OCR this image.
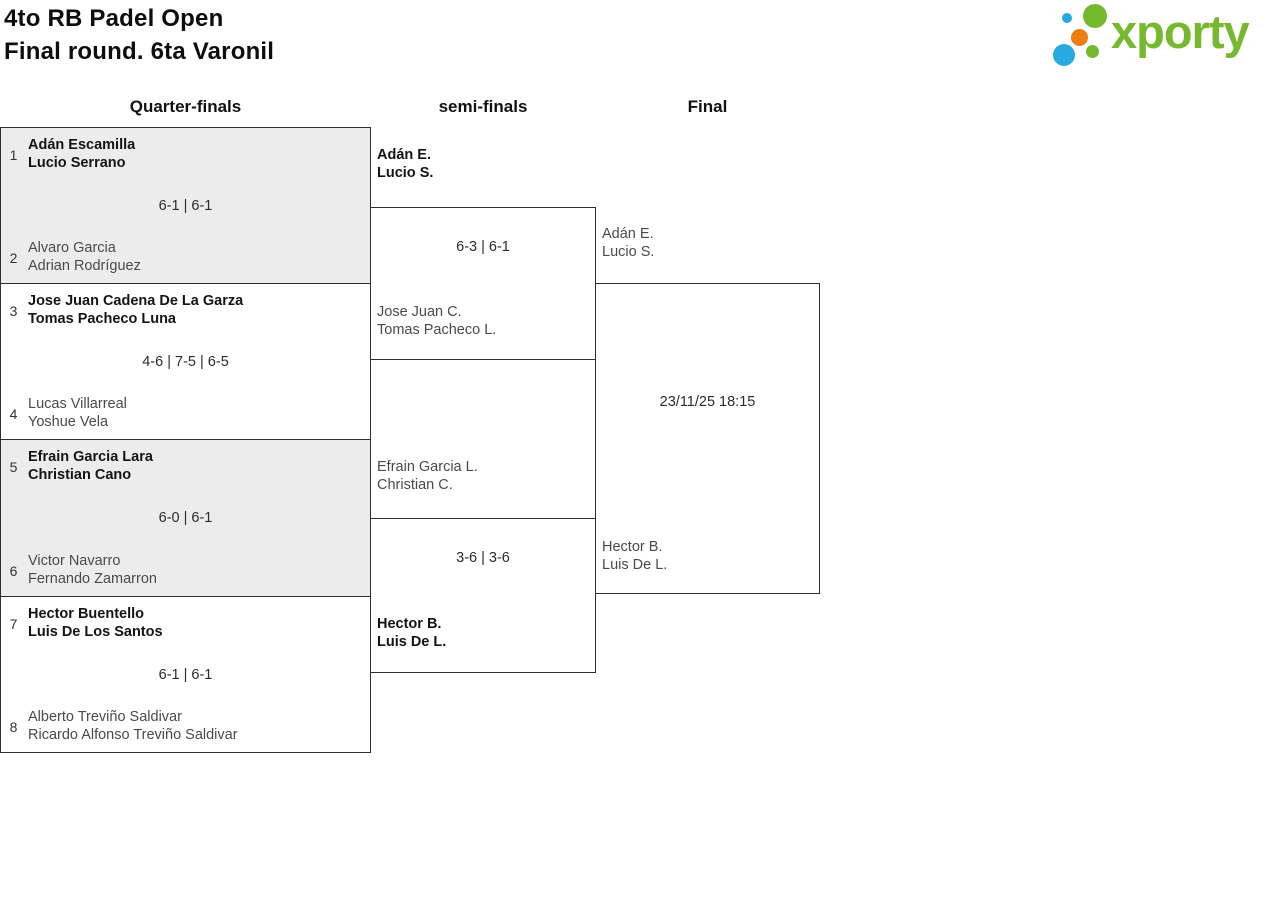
4to RB Padel Open
Final round. 6ta Varonil	xporty
Quarter-finals	semi-finals	Final
1
Adán Escamilla
Lucio Serrano
6-1 | 6-1
2
Alvaro Garcia
Adrian Rodríguez
3
Jose Juan Cadena De La Garza
Tomas Pacheco Luna
4-6 | 7-5 | 6-5
4
Lucas Villarreal
Yoshue Vela
5
Efrain Garcia Lara
Christian Cano
6-0 | 6-1
6
Victor Navarro
Fernando Zamarron
7
Hector Buentello
Luis De Los Santos
6-1 | 6-1
8
Alberto Treviño Saldivar
Ricardo Alfonso Treviño Saldivar
Adán E.
Lucio S.
6-3 | 6-1
Jose Juan C.
Tomas Pacheco L.
Efrain Garcia L.
Christian C.
3-6 | 3-6
Hector B.
Luis De L.
Adán E.
Lucio S.
23/11/25 18:15
Hector B.
Luis De L.
